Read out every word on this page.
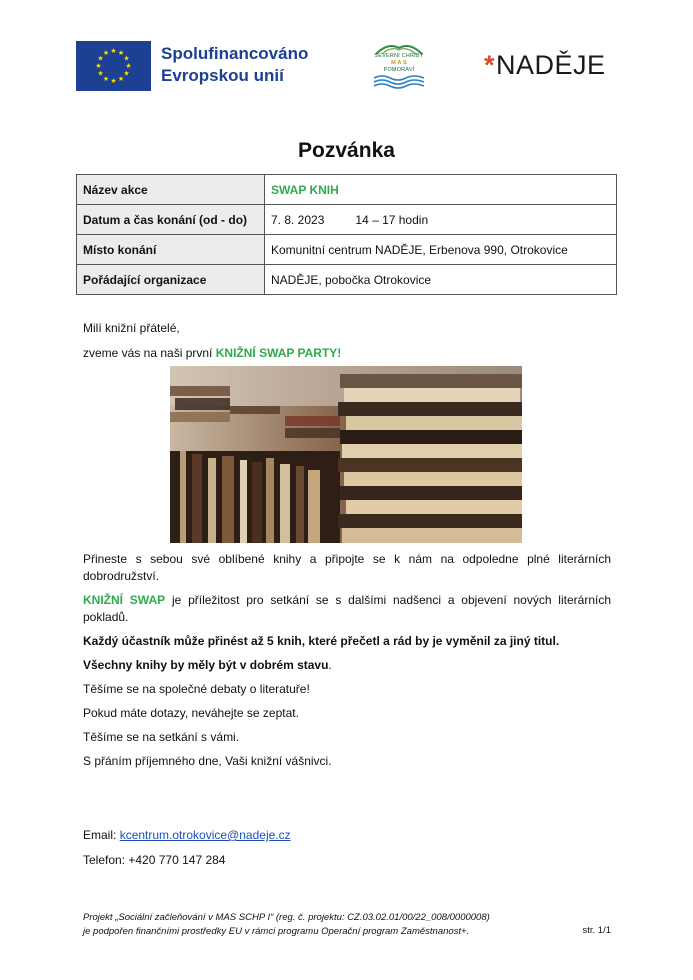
★ ★
★
★
★
★
★
★
★
★
★
★	Spolufinancováno
Evropskou unií
SEVERNÍ CHŘIBY
M A S
POMORAVÍ	*NADĚJE
Pozvánka
Název akce	SWAP KNIH
Datum a čas konání (od - do)	7. 8. 2023 14 – 17 hodin
Místo konání	Komunitní centrum NADĚJE, Erbenova 990, Otrokovice
Pořádající organizace	NADĚJE, pobočka Otrokovice
Milí knižní přátelé,
zveme vás na naši první KNIŽNÍ SWAP PARTY!
Přineste s sebou své oblíbené knihy a připojte se k nám na odpoledne plné literárních dobrodružství.
KNIŽNÍ SWAP je příležitost pro setkání se s dalšími nadšenci a objevení nových literárních pokladů.
Každý účastník může přinést až 5 knih, které přečetl a rád by je vyměnil za jiný titul.
Všechny knihy by měly být v dobrém stavu.
Těšíme se na společné debaty o literatuře!
Pokud máte dotazy, neváhejte se zeptat.
Těšíme se na setkání s vámi.
S přáním příjemného dne, Vaši knižní vášnivci.
Email: kcentrum.otrokovice@nadeje.cz
Telefon: +420 770 147 284
Projekt „Sociální začleňování v MAS SCHP I“ (reg. č. projektu: CZ.03.02.01/00/22_008/0000008)
je podpořen finančními prostředky EU v rámci programu Operační program Zaměstnanost+.	str. 1/1
